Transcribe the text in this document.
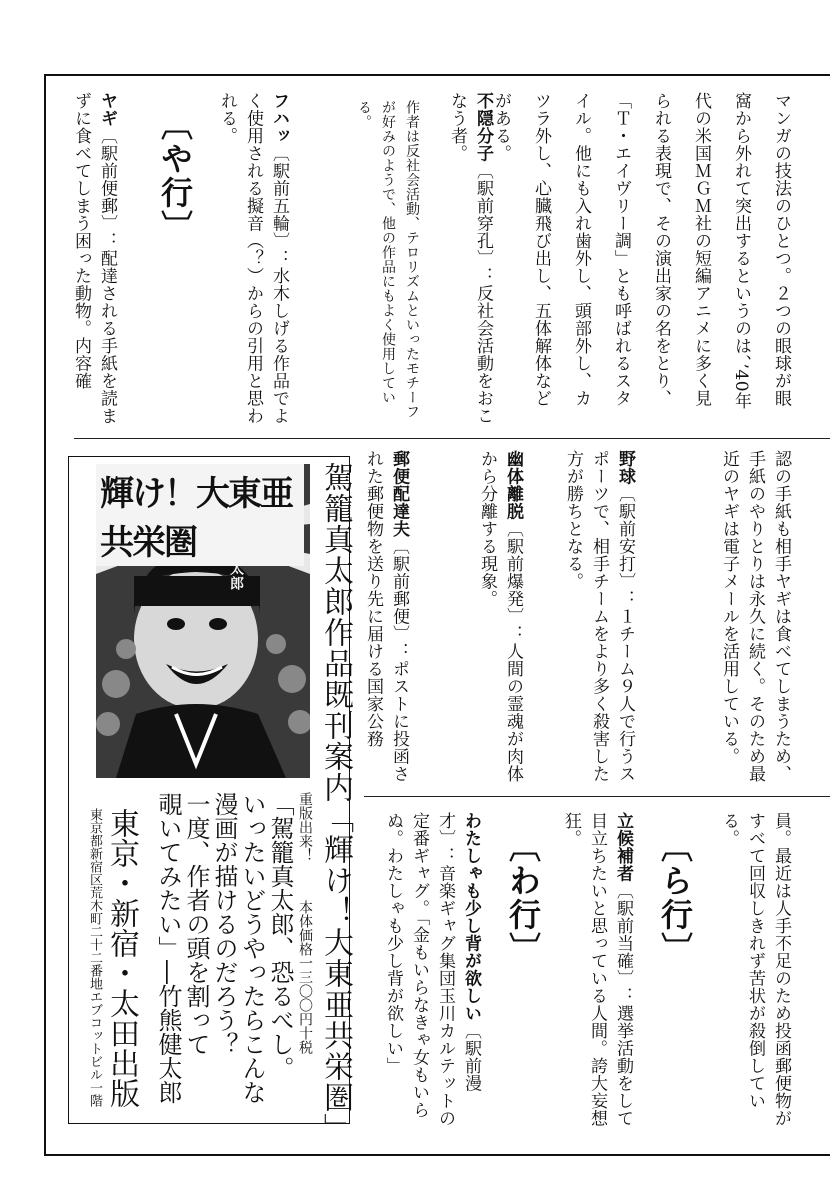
マンガの技法のひとつ。２つの眼球が眼
窩から外れて突出するというのは、’40年
代の米国ＭＧＭ社の短編アニメに多く見
られる表現で、その演出家の名をとり、
「Ｔ・エイヴリー調」とも呼ばれるスタ
イル。他にも入れ歯外し、頭部外し、カ
ツラ外し、心臓飛び出し、五体解体など
がある。
不隠分子〔駅前穿孔〕：反社会活動をおこなう者。
作者は反社会活動、テロリズムといったモチーフが好みのようで、他の作品にもよく使用している。
フハッ〔駅前五輪〕：水木しげる作品でよく使用される擬音（？）からの引用と思われる。
〔や行〕
ヤギ〔駅前便郵〕：配達される手紙を読まずに食べてしまう困った動物。内容確
認の手紙も相手ヤギは食べてしまうため、手紙のやりとりは永久に続く。そのため最近のヤギは電子メールを活用している。
野球〔駅前安打〕：１チーム９人で行うスポーツで、相手チームをより多く殺害した方が勝ちとなる。
幽体離脱〔駅前爆発〕：人間の霊魂が肉体から分離する現象。
郵便配達夫〔駅前郵便〕：ポストに投函された郵便物を送り先に届ける国家公務
員。最近は人手不足のため投函郵便物がすべて回収しきれず苦状が殺倒している。
〔ら行〕
立候補者〔駅前当確〕：選挙活動をして目立ちたいと思っている人間。誇大妄想狂。
〔わ行〕
わたしゃも少し背が欲しい〔駅前漫才〕：音楽ギャグ集団玉川カルテットの定番ギャグ。「金もいらなきゃ女もいらぬ。わたしゃも少し背が欲しい」
輝け！大東亜共栄圏	駕籠真太郎 駕籠真太郎作品既刊案内「輝け！大東亜共栄圏」
重版出来！
本体価格一三〇〇円十税
「駕籠真太郎、恐るべし。
いったいどうやったらこんな
漫画が描けるのだろう？
一度、作者の頭を割って
覗いてみたい」―竹熊健太郎
東京・新宿・太田出版
東京都新宿区荒木町二十二番地エブコットビル一階
